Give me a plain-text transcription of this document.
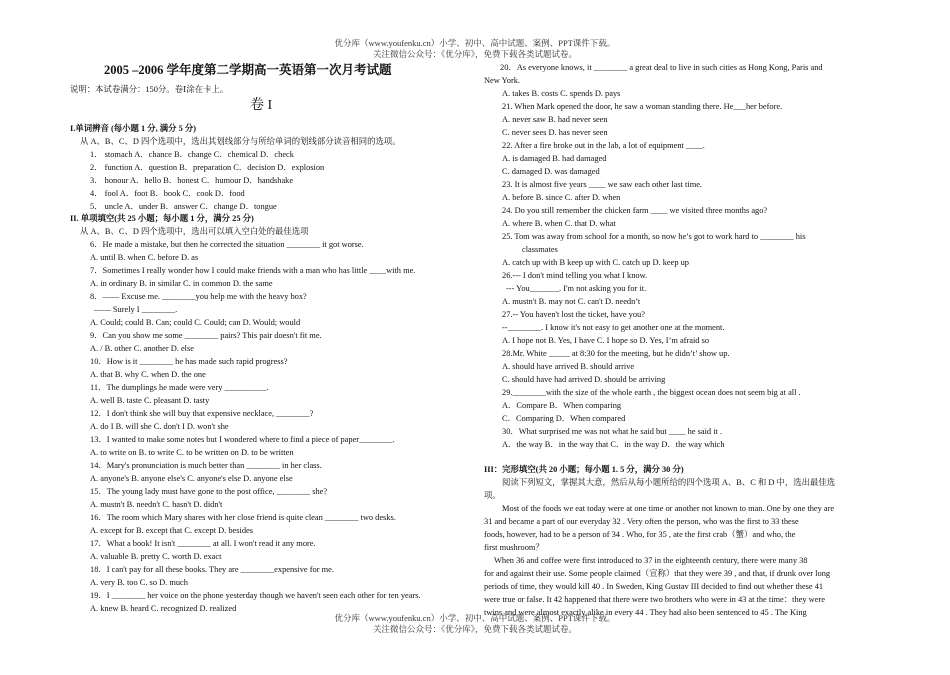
优分库（www.youfenku.cn）小学、初中、高中试题、案例、PPT课件下载。
关注微信公众号：《优分库》，免费下载各类试题试卷。
2005 –2006 学年度第二学期高一英语第一次月考试题
说明：本试卷满分：150分。卷Ⅰ涂在卡上。
卷 I
I.单词辨音 (每小题 1 分, 满分 5 分)
从 A、B、C、D 四个选项中，选出其划线部分与所给单词的划线部分读音相同的选项。
1． stomach A．chance B．change C．chemical D．check
2． function A．question B．preparation C．decision D．explosion
3． honour A．hello B．honest C．humour D．handshake
4． fool A．foot B．book C．cook D．food
5． uncle A．under B．answer C．change D．tongue
II. 单项填空(共 25 小题；每小题 1 分，满分 25 分)
从 A、B、C、D 四个选项中，选出可以填入空白处的最佳选项
6．He made a mistake, but then he corrected the situation ________ it got worse.
A. until B. when C. before D. as
7．Sometimes I really wonder how I could make friends with a man who has little ____with me.
A. in ordinary B. in similar C. in common D. the same
8．—— Excuse me. ________you help me with the heavy box?
—— Surely I ________.
A. Could; could B. Can; could C. Could; can D. Would; would
9．Can you show me some ________ pairs? This pair doesn't fit me.
A. / B. other C. another D. else
10．How is it ________ he has made such rapid progress?
A. that B. why C. when D. the one
11．The dumplings he made were very __________.
A. well B. taste C. pleasant D. tasty
12．I don't think she will buy that expensive necklace, ________?
A. do I B. will she C. don't I D. won't she
13．I wanted to make some notes but I wondered where to find a piece of paper________.
A. to write on B. to write C. to be written on D. to be written
14．Mary's pronunciation is much better than ________ in her class.
A. anyone's B. anyone else's C. anyone's else D. anyone else
15．The young lady must have gone to the post office, ________ she?
A. mustn't B. needn't C. hasn't D. didn't
16．The room which Mary shares with her close friend is quite clean ________ two desks.
A. except for B. except that C. except D. besides
17．What a book! It isn't ________ at all. I won't read it any more.
A. valuable B. pretty C. worth D. exact
18．I can't pay for all these books. They are ________expensive for me.
A. very B. too C. so D. much
19．I ________ her voice on the phone yesterday though we haven't seen each other for ten years.
A. knew B. heard C. recognized D. realized
20．As everyone knows, it ________ a great deal to live in such cities as Hong Kong, Paris and
New York.
A. takes B. costs C. spends D. pays
21. When Mark opened the door, he saw a woman standing there. He___her before.
A. never saw B. had never seen
C. never sees D. has never seen
22. After a fire broke out in the lab, a lot of equipment ____.
A. is damaged B. had damaged
C. damaged D. was damaged
23. It is almost five years ____ we saw each other last time.
A. before B. since C. after D. when
24. Do you still remember the chicken farm ____ we visited three months ago?
A. where B. when C. that D. what
25. Tom was away from school for a month, so now he’s got to work hard to ________ his
classmates
A. catch up with B keep up with C. catch up D. keep up
26.--- I don't mind telling you what I know.
--- You_______. I'm not asking you for it.
A. mustn't B. may not C. can't D. needn’t
27.-- You haven't lost the ticket, have you?
--________. I know it's not easy to get another one at the moment.
A. I hope not B. Yes, I have C. I hope so D. Yes, I’m afraid so
28.Mr. White _____ at 8:30 for the meeting, but he didn’t’ show up.
A. should have arrived B. should arrive
C. should have had arrived D. should be arriving
29.________with the size of the whole earth , the biggest ocean does not seem big at all .
A．Compare B．When comparing
C．Comparing D．When compared
30．What surprised me was not what he said but ____ he said it .
A．the way B．in the way that C．in the way D．the way which
III：完形填空(共 20 小题；每小题 1. 5 分，满分 30 分)
阅读下列短文，掌握其大意，然后从每小题所给的四个选项 A、B、C 和 D 中，选出最佳选
项。
Most of the foods we eat today were at one time or another not known to man. One by one they are
31 and became a part of our everyday 32 . Very often the person, who was the first to 33 these
foods, however, had to be a person of 34 . Who, for 35 , ate the first crab（蟹）and who, the
first mushroom？
When 36 and coffee were first introduced to 37 in the eighteenth century, there were many 38
for and against their use. Some people claimed（宣称）that they were 39 , and that, if drunk over long
periods of time, they would kill 40 . In Sweden, King Gustav III decided to find out whether these 41
were true or false. It 42 happened that there were two brothers who were in 43 at the time：they were
twins and were almost exactly alike in every 44 . They had also been sentenced to 45 . The King
优分库（www.youfenku.cn）小学、初中、高中试题、案例、PPT课件下载。
关注微信公众号：《优分库》，免费下载各类试题试卷。
